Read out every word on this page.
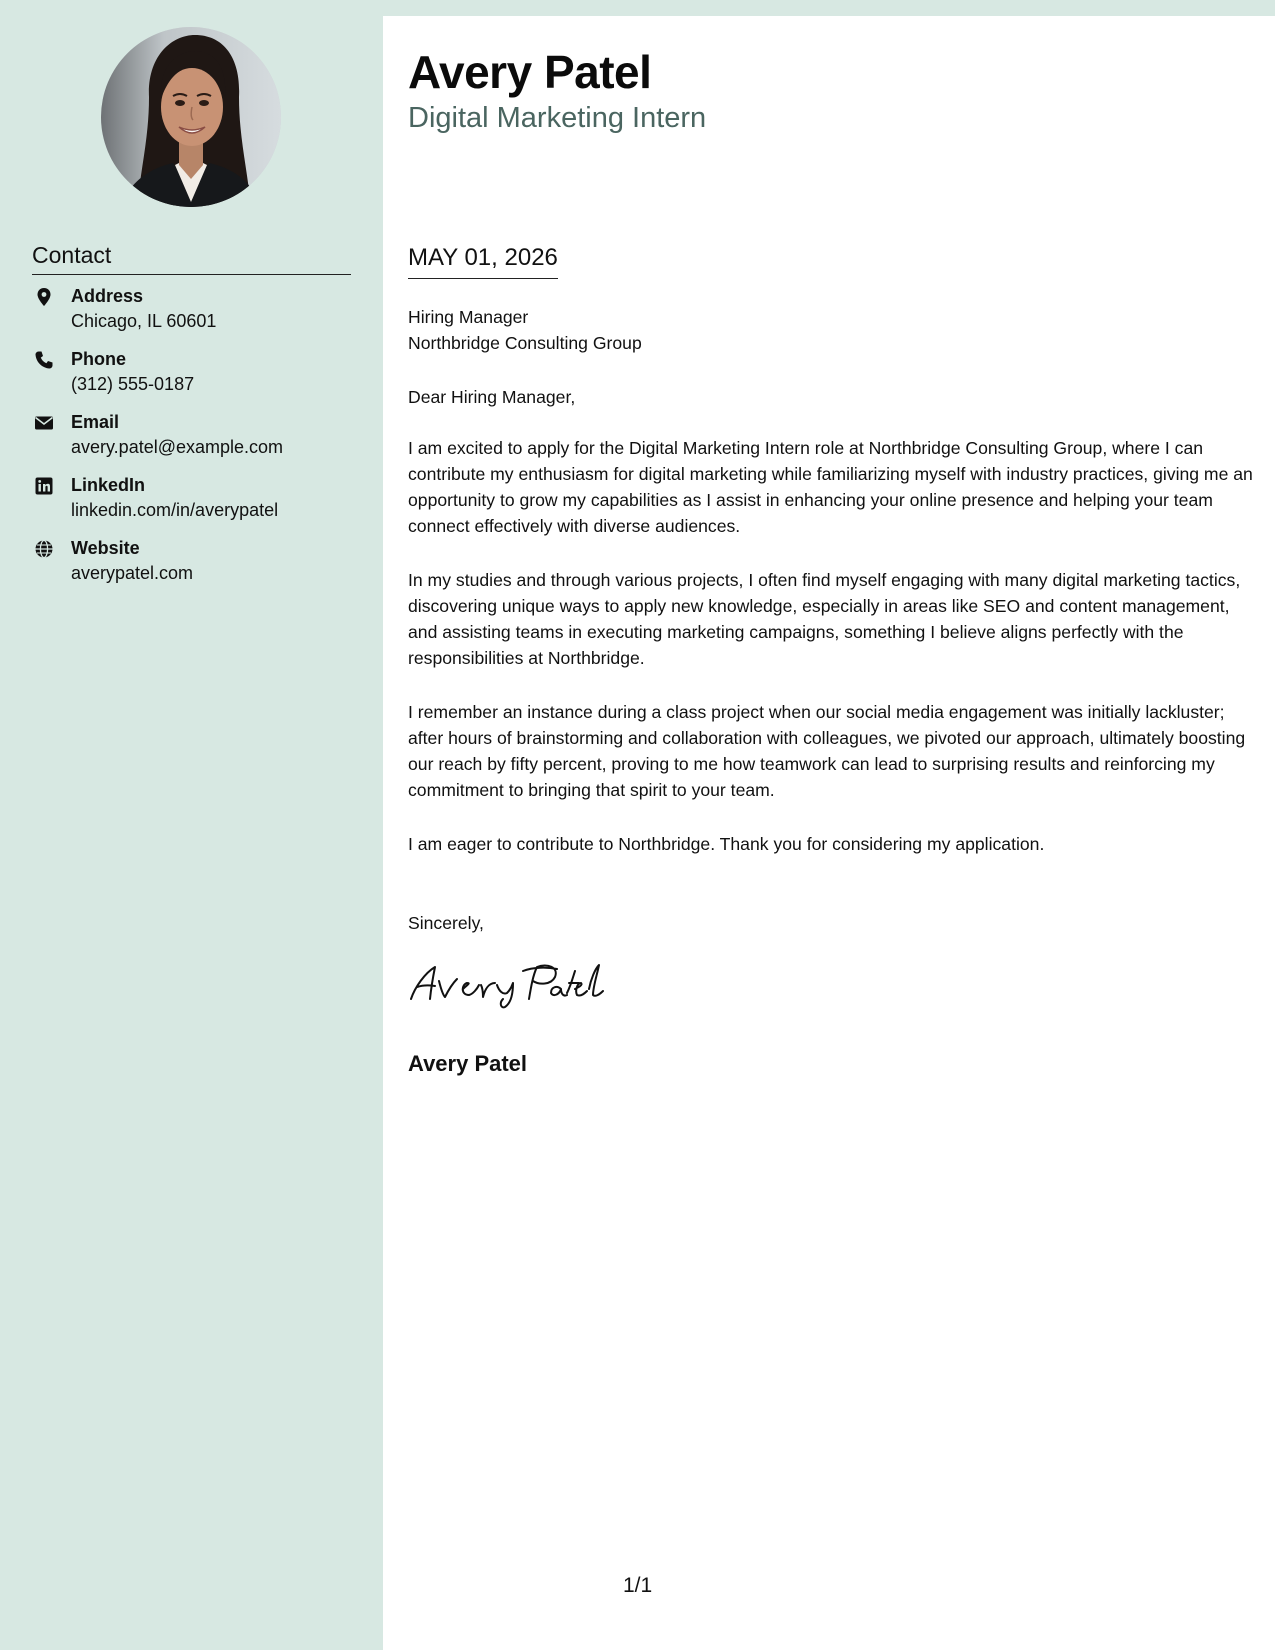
Contact
Address
Chicago, IL 60601
Phone
(312) 555-0187
Email
avery.patel@example.com
LinkedIn
linkedin.com/in/averypatel
Website
averypatel.com
Avery Patel
Digital Marketing Intern
MAY 01, 2026
Hiring Manager
Northbridge Consulting Group
Dear Hiring Manager,
I am excited to apply for the Digital Marketing Intern role at Northbridge Consulting Group, where I can contribute my enthusiasm for digital marketing while familiarizing myself with industry practices, giving me an opportunity to grow my capabilities as I assist in enhancing your online presence and helping your team connect effectively with diverse audiences.
In my studies and through various projects, I often find myself engaging with many digital marketing tactics, discovering unique ways to apply new knowledge, especially in areas like SEO and content management, and assisting teams in executing marketing campaigns, something I believe aligns perfectly with the responsibilities at Northbridge.
I remember an instance during a class project when our social media engagement was initially lackluster; after hours of brainstorming and collaboration with colleagues, we pivoted our approach, ultimately boosting our reach by fifty percent, proving to me how teamwork can lead to surprising results and reinforcing my commitment to bringing that spirit to your team.
I am eager to contribute to Northbridge. Thank you for considering my application.
Sincerely,
Avery Patel
1/1
